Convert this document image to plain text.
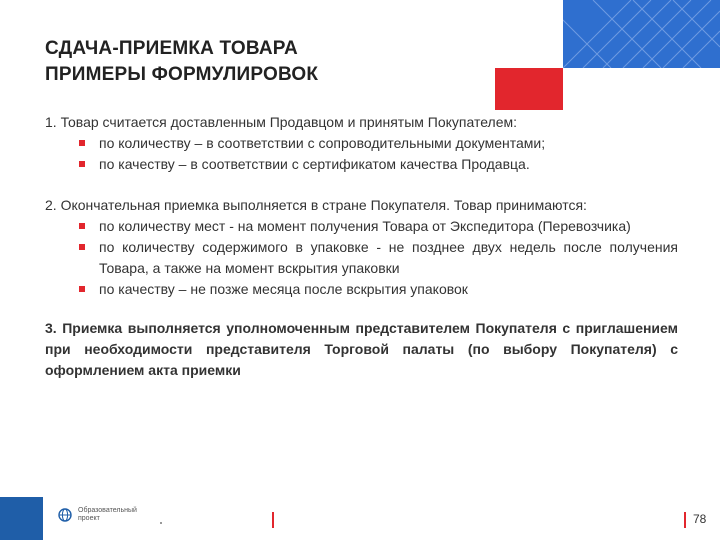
СДАЧА-ПРИЕМКА ТОВАРА
ПРИМЕРЫ ФОРМУЛИРОВОК

1. Товар считается доставленным Продавцом и принятым Покупателем:

по количеству – в соответствии с сопроводительными документами;
по качеству – в соответствии с сертификатом качества Продавца.

2. Окончательная приемка выполняется в стране Покупателя. Товар принимаются:

по количеству мест - на момент получения Товара от Экспедитора (Перевозчика)
по количеству содержимого в упаковке - не позднее двух недель после получения Товара, а также на момент вскрытия упаковки
по качеству – не позже месяца после вскрытия упаковок

3. Приемка выполняется уполномоченным представителем Покупателя с приглашением при необходимости представителя Торговой палаты (по выбору Покупателя) с оформлением акта приемки

Образовательный
проект	78
